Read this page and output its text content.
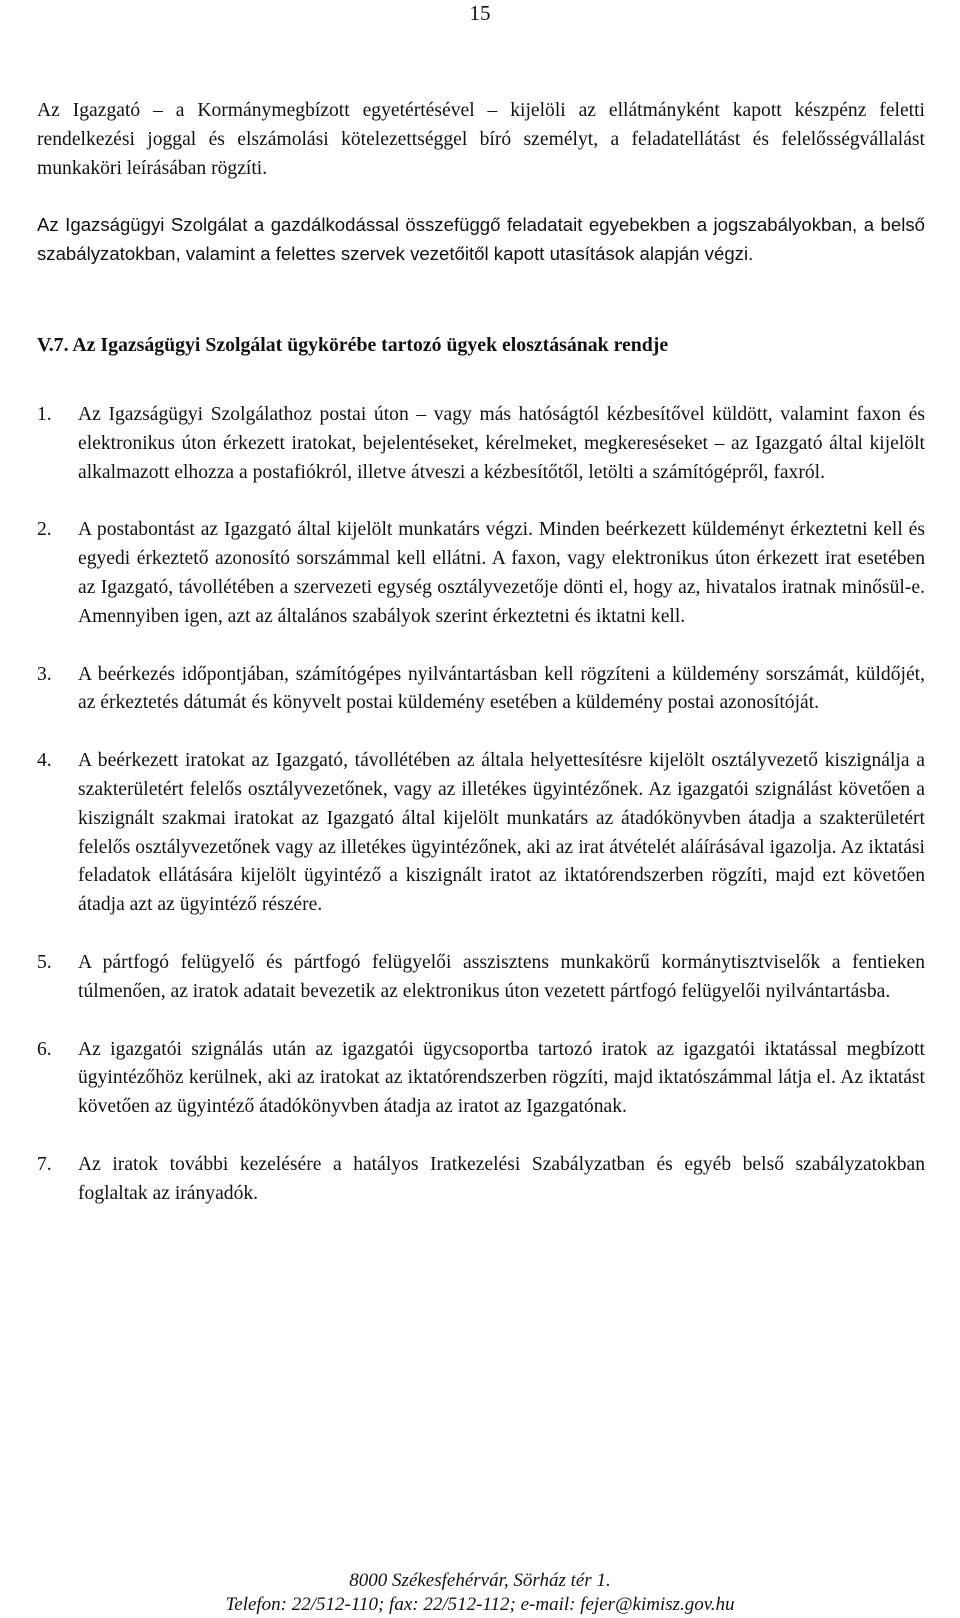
15

Az Igazgató – a Kormánymegbízott egyetértésével – kijelöli az ellátmányként kapott készpénz feletti rendelkezési joggal és elszámolási kötelezettséggel bíró személyt, a feladatellátást és felelősségvállalást munkaköri leírásában rögzíti.

Az Igazságügyi Szolgálat a gazdálkodással összefüggő feladatait egyebekben a jogszabályokban, a belső szabályzatokban, valamint a felettes szervek vezetőitől kapott utasítások alapján végzi.

V.7. Az Igazságügyi Szolgálat ügykörébe tartozó ügyek elosztásának rendje
1. Az Igazságügyi Szolgálathoz postai úton – vagy más hatóságtól kézbesítővel küldött, valamint faxon és elektronikus úton érkezett iratokat, bejelentéseket, kérelmeket, megkereséseket – az Igazgató által kijelölt alkalmazott elhozza a postafiókról, illetve átveszi a kézbesítőtől, letölti a számítógépről, faxról.
2. A postabontást az Igazgató által kijelölt munkatárs végzi. Minden beérkezett küldeményt érkeztetni kell és egyedi érkeztető azonosító sorszámmal kell ellátni. A faxon, vagy elektronikus úton érkezett irat esetében az Igazgató, távollétében a szervezeti egység osztályvezetője dönti el, hogy az, hivatalos iratnak minősül-e. Amennyiben igen, azt az általános szabályok szerint érkeztetni és iktatni kell.
3. A beérkezés időpontjában, számítógépes nyilvántartásban kell rögzíteni a küldemény sorszámát, küldőjét, az érkeztetés dátumát és könyvelt postai küldemény esetében a küldemény postai azonosítóját.
4. A beérkezett iratokat az Igazgató, távollétében az általa helyettesítésre kijelölt osztályvezető kiszignálja a szakterületért felelős osztályvezetőnek, vagy az illetékes ügyintézőnek. Az igazgatói szignálást követően a kiszignált szakmai iratokat az Igazgató által kijelölt munkatárs az átadókönyvben átadja a szakterületért felelős osztályvezetőnek vagy az illetékes ügyintézőnek, aki az irat átvételét aláírásával igazolja. Az iktatási feladatok ellátására kijelölt ügyintéző a kiszignált iratot az iktatórendszerben rögzíti, majd ezt követően átadja azt az ügyintéző részére.
5. A pártfogó felügyelő és pártfogó felügyelői asszisztens munkakörű kormánytisztviselők a fentieken túlmenően, az iratok adatait bevezetik az elektronikus úton vezetett pártfogó felügyelői nyilvántartásba.
6. Az igazgatói szignálás után az igazgatói ügycsoportba tartozó iratok az igazgatói iktatással megbízott ügyintézőhöz kerülnek, aki az iratokat az iktatórendszerben rögzíti, majd iktatószámmal látja el. Az iktatást követően az ügyintéző átadókönyvben átadja az iratot az Igazgatónak.
7. Az iratok további kezelésére a hatályos Iratkezelési Szabályzatban és egyéb belső szabályzatokban foglaltak az irányadók.
8000 Székesfehérvár, Sörház tér 1.
Telefon: 22/512-110; fax: 22/512-112; e-mail: fejer@kimisz.gov.hu
